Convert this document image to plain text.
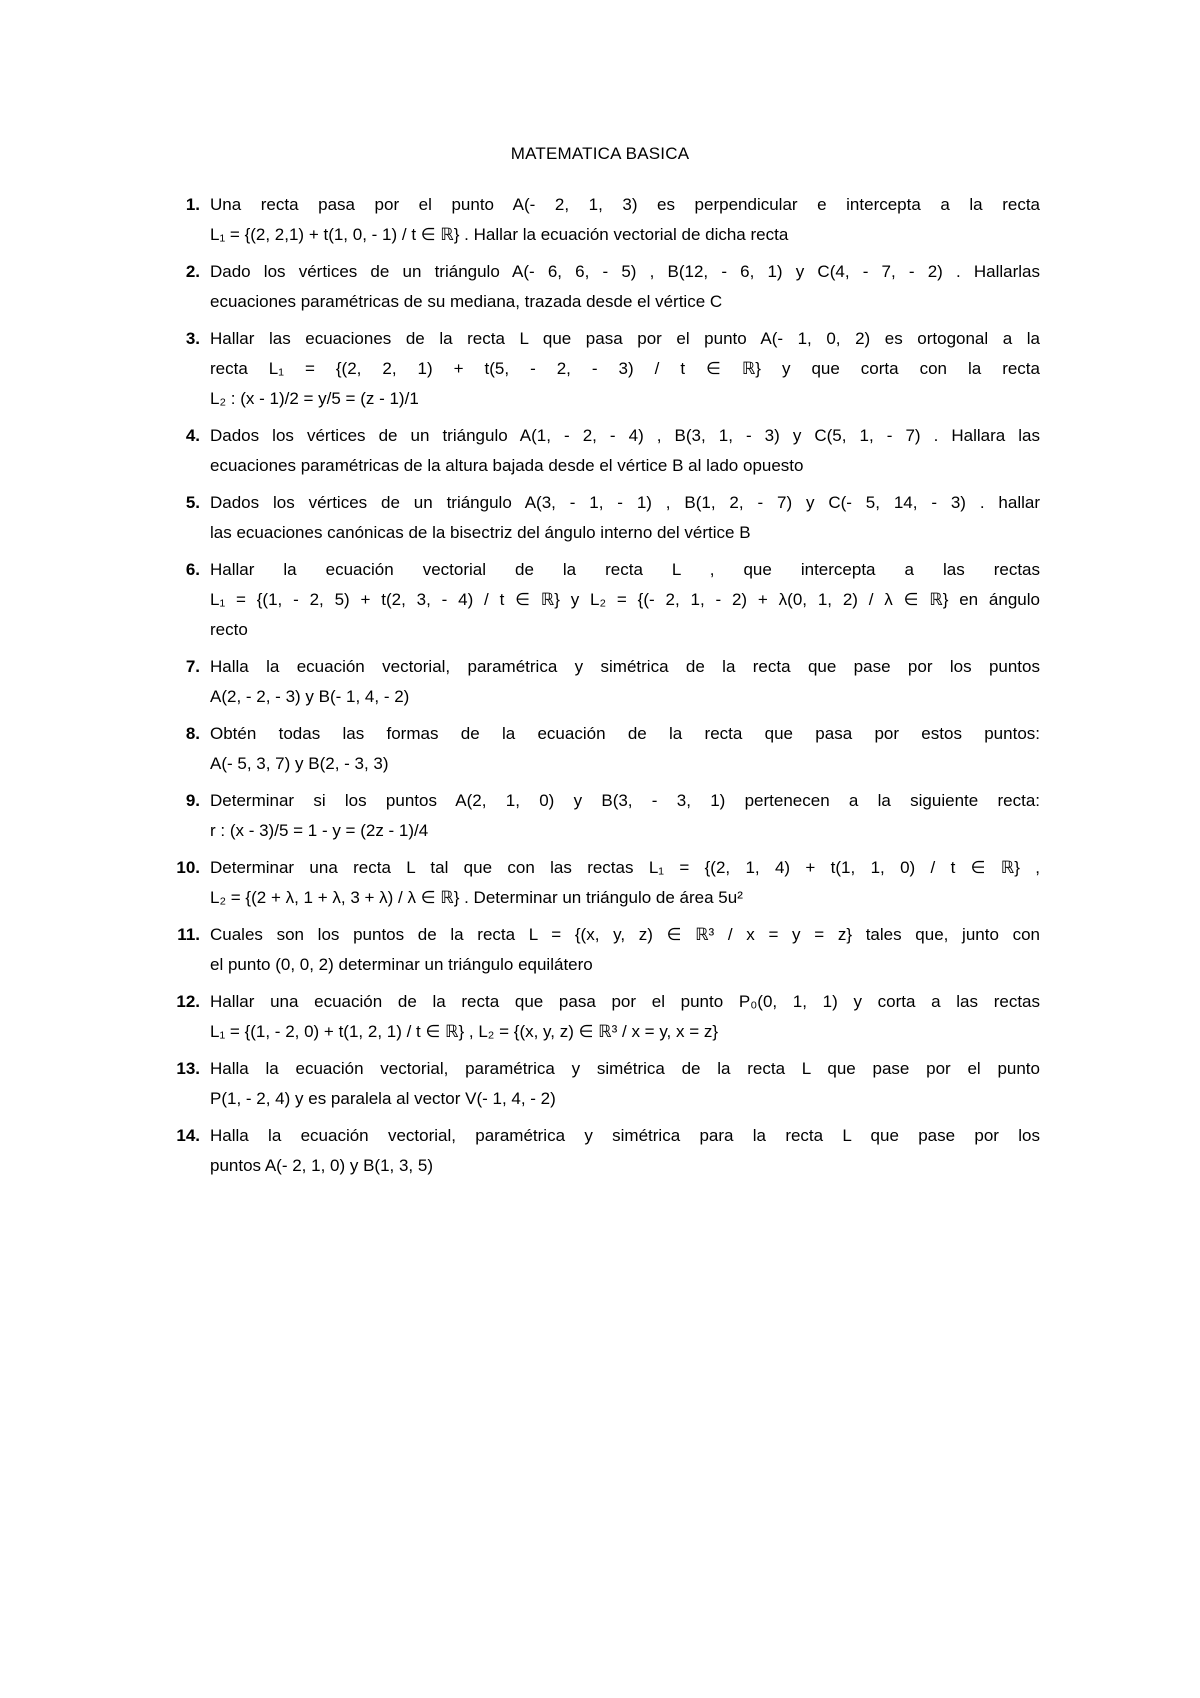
MATEMATICA BASICA
1. Una recta pasa por el punto A(- 2, 1, 3) es perpendicular e intercepta a la recta
L₁ = {(2, 2,1) + t(1, 0, - 1) / t ∈ ℝ} . Hallar la ecuación vectorial de dicha recta
2. Dado los vértices de un triángulo A(- 6, 6, - 5) , B(12, - 6, 1) y C(4, - 7, - 2) . Hallarlas
ecuaciones paramétricas de su mediana, trazada desde el vértice C
3. Hallar las ecuaciones de la recta L que pasa por el punto A(- 1, 0, 2) es ortogonal a la
recta L₁ = {(2, 2, 1) + t(5, - 2, - 3) / t ∈ ℝ} y que corta con la recta
L₂ : (x - 1)/2 = y/5 = (z - 1)/1
4. Dados los vértices de un triángulo A(1, - 2, - 4) , B(3, 1, - 3) y C(5, 1, - 7) . Hallara las
ecuaciones paramétricas de la altura bajada desde el vértice B al lado opuesto
5. Dados los vértices de un triángulo A(3, - 1, - 1) , B(1, 2, - 7) y C(- 5, 14, - 3) . hallar
las ecuaciones canónicas de la bisectriz del ángulo interno del vértice B
6. Hallar la ecuación vectorial de la recta L , que intercepta a las rectas
L₁ = {(1, - 2, 5) + t(2, 3, - 4) / t ∈ ℝ} y L₂ = {(- 2, 1, - 2) + λ(0, 1, 2) / λ ∈ ℝ} en ángulo
recto
7. Halla la ecuación vectorial, paramétrica y simétrica de la recta que pase por los puntos
A(2, - 2, - 3) y B(- 1, 4, - 2)
8. Obtén todas las formas de la ecuación de la recta que pasa por estos puntos:
A(- 5, 3, 7) y B(2, - 3, 3)
9. Determinar si los puntos A(2, 1, 0) y B(3, - 3, 1) pertenecen a la siguiente recta:
r : (x - 3)/5 = 1 - y = (2z - 1)/4
10. Determinar una recta L tal que con las rectas L₁ = {(2, 1, 4) + t(1, 1, 0) / t ∈ ℝ} ,
L₂ = {(2 + λ, 1 + λ, 3 + λ) / λ ∈ ℝ} . Determinar un triángulo de área 5u²
11. Cuales son los puntos de la recta L = {(x, y, z) ∈ ℝ³ / x = y = z} tales que, junto con
el punto (0, 0, 2) determinar un triángulo equilátero
12. Hallar una ecuación de la recta que pasa por el punto P₀(0, 1, 1) y corta a las rectas
L₁ = {(1, - 2, 0) + t(1, 2, 1) / t ∈ ℝ} , L₂ = {(x, y, z) ∈ ℝ³ / x = y, x = z}
13. Halla la ecuación vectorial, paramétrica y simétrica de la recta L que pase por el punto
P(1, - 2, 4) y es paralela al vector V(- 1, 4, - 2)
14. Halla la ecuación vectorial, paramétrica y simétrica para la recta L que pase por los
puntos A(- 2, 1, 0) y B(1, 3, 5)
